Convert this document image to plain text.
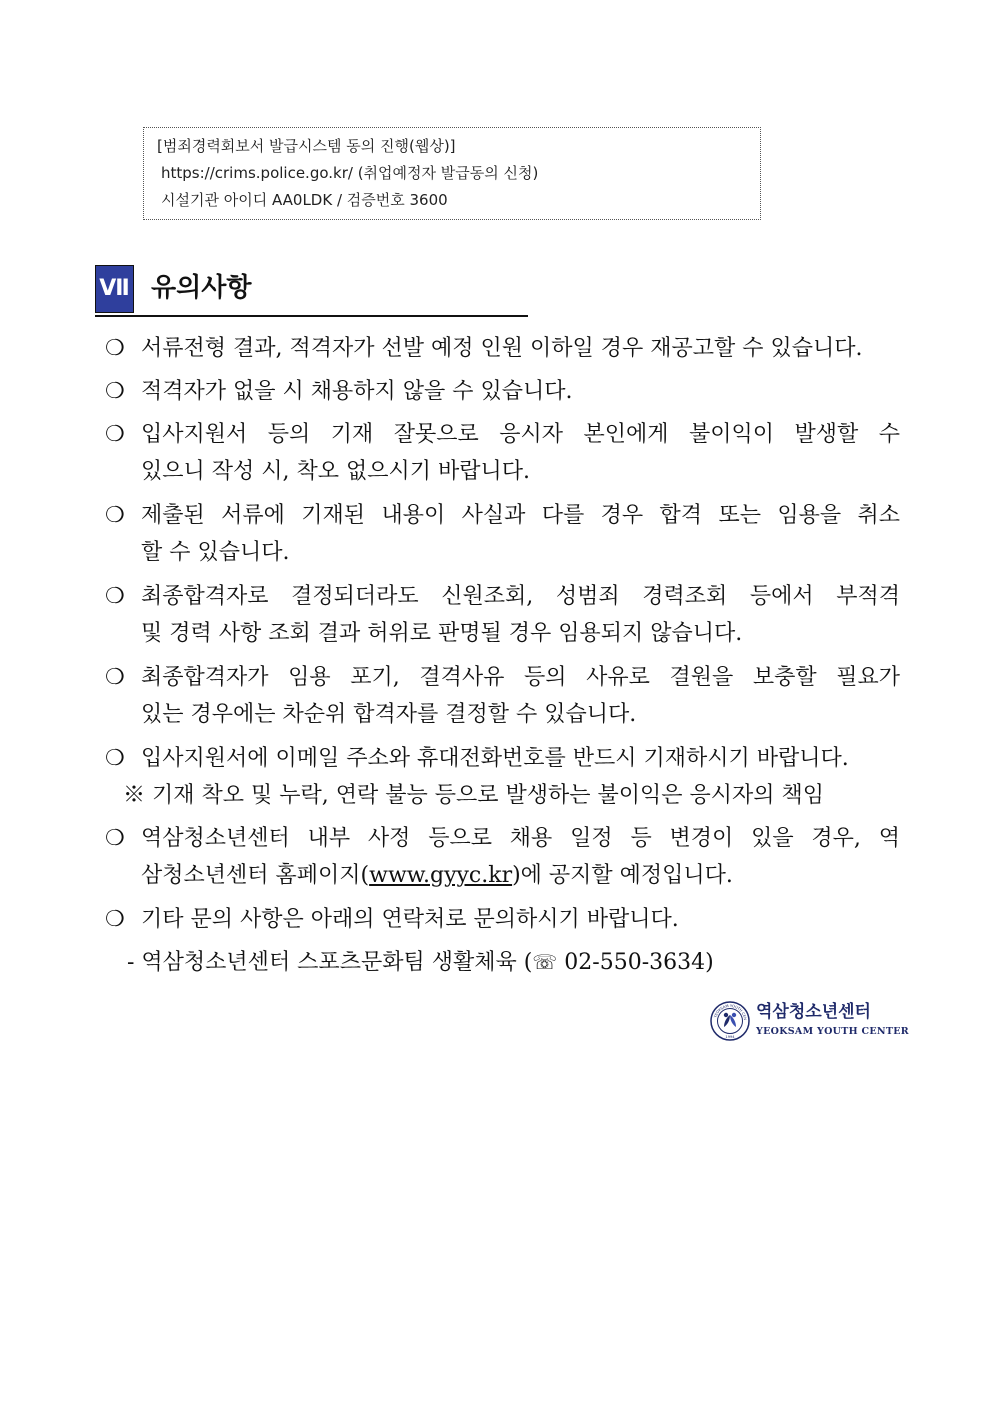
[범죄경력회보서 발급시스템 동의 진행(웹상)]
https://crims.police.go.kr/ (취업예정자 발급동의 신청)
시설기관 아이디 AA0LDK / 검증번호 3600
Ⅶ 유의사항
❍ 서류전형 결과, 적격자가 선발 예정 인원 이하일 경우 재공고할 수 있습니다.
❍ 적격자가 없을 시 채용하지 않을 수 있습니다.
❍ 입사지원서 등의 기재 잘못으로 응시자 본인에게 불이익이 발생할 수
있으니 작성 시, 착오 없으시기 바랍니다.
❍ 제출된 서류에 기재된 내용이 사실과 다를 경우 합격 또는 임용을 취소
할 수 있습니다.
❍ 최종합격자로 결정되더라도 신원조회, 성범죄 경력조회 등에서 부적격
및 경력 사항 조회 결과 허위로 판명될 경우 임용되지 않습니다.
❍ 최종합격자가 임용 포기, 결격사유 등의 사유로 결원을 보충할 필요가
있는 경우에는 차순위 합격자를 결정할 수 있습니다.
❍ 입사지원서에 이메일 주소와 휴대전화번호를 반드시 기재하시기 바랍니다.
※ 기재 착오 및 누락, 연락 불능 등으로 발생하는 불이익은 응시자의 책임
❍ 역삼청소년센터 내부 사정 등으로 채용 일정 등 변경이 있을 경우, 역
삼청소년센터 홈페이지(www.gyyc.kr)에 공지할 예정입니다.
❍ 기타 문의 사항은 아래의 연락처로 문의하시기 바랍니다.
- 역삼청소년센터 스포츠문화팀 생활체육 (☏ 02-550-3634)
YEOKSAM YOUTH CEN
1994
역삼청소년센터
YEOKSAM YOUTH CENTER
